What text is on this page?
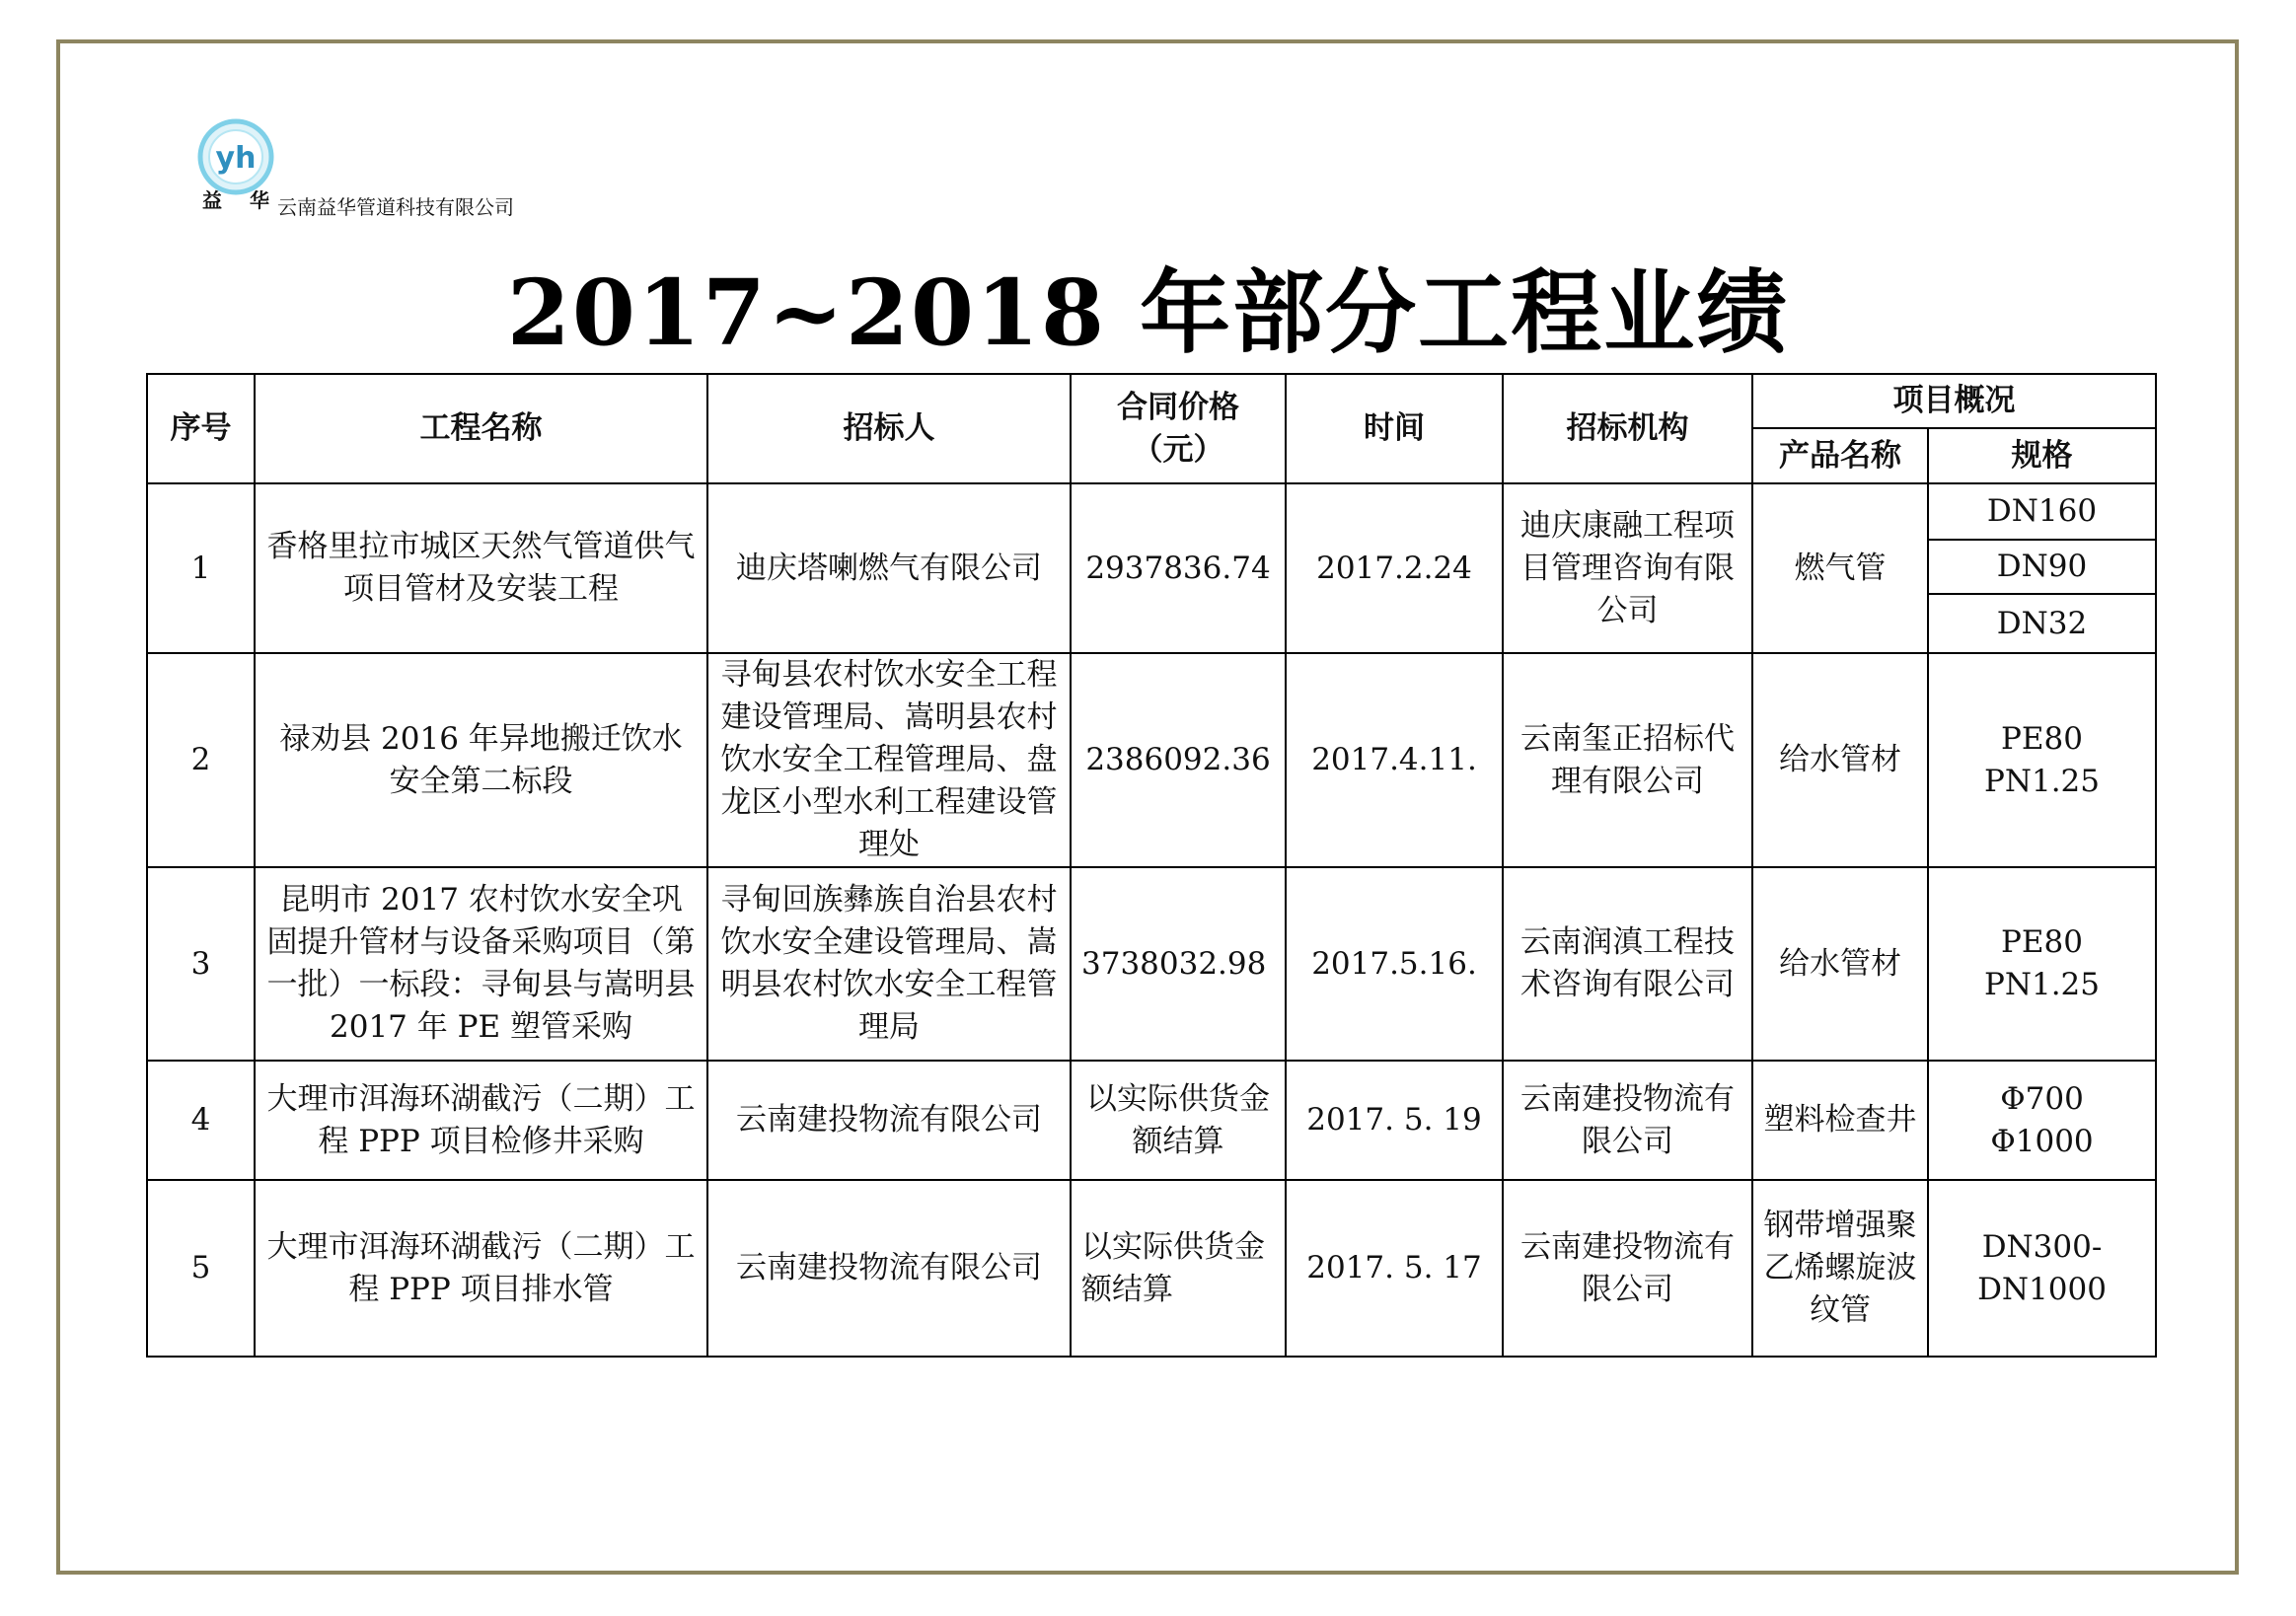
yh
益华
云南益华管道科技有限公司
2017~2018 年部分工程业绩
序号	工程名称	招标人	合同价格（元）	时间	招标机构	项目概况	
						产品名称	规格
1	香格里拉市城区天然气管道供气项目管材及安装工程	迪庆塔喇燃气有限公司	2937836.74	2017.2.24	迪庆康融工程项目管理咨询有限公司	燃气管	DN160
							DN90
							DN32
2	禄劝县 2016 年异地搬迁饮水安全第二标段	寻甸县农村饮水安全工程建设管理局、嵩明县农村饮水安全工程管理局、盘龙区小型水利工程建设管理处	2386092.36	2017.4.11.	云南玺正招标代理有限公司	给水管材	PE80　PN1.25
3	昆明市 2017 农村饮水安全巩固提升管材与设备采购项目（第一批）一标段：寻甸县与嵩明县 2017 年 PE 塑管采购	寻甸回族彝族自治县农村饮水安全建设管理局、嵩明县农村饮水安全工程管理局	3738032.98	2017.5.16.	云南润滇工程技术咨询有限公司	给水管材	PE80　PN1.25
4	大理市洱海环湖截污（二期）工程 PPP 项目检修井采购	云南建投物流有限公司	以实际供货金额结算	2017. 5. 19	云南建投物流有限公司	塑料检查井	Φ700
Φ1000

5	大理市洱海环湖截污（二期）工程 PPP 项目排水管	云南建投物流有限公司	以实际供货金额结算	2017. 5. 17	云南建投物流有限公司	钢带增强聚乙烯螺旋波纹管	DN300-DN1000
